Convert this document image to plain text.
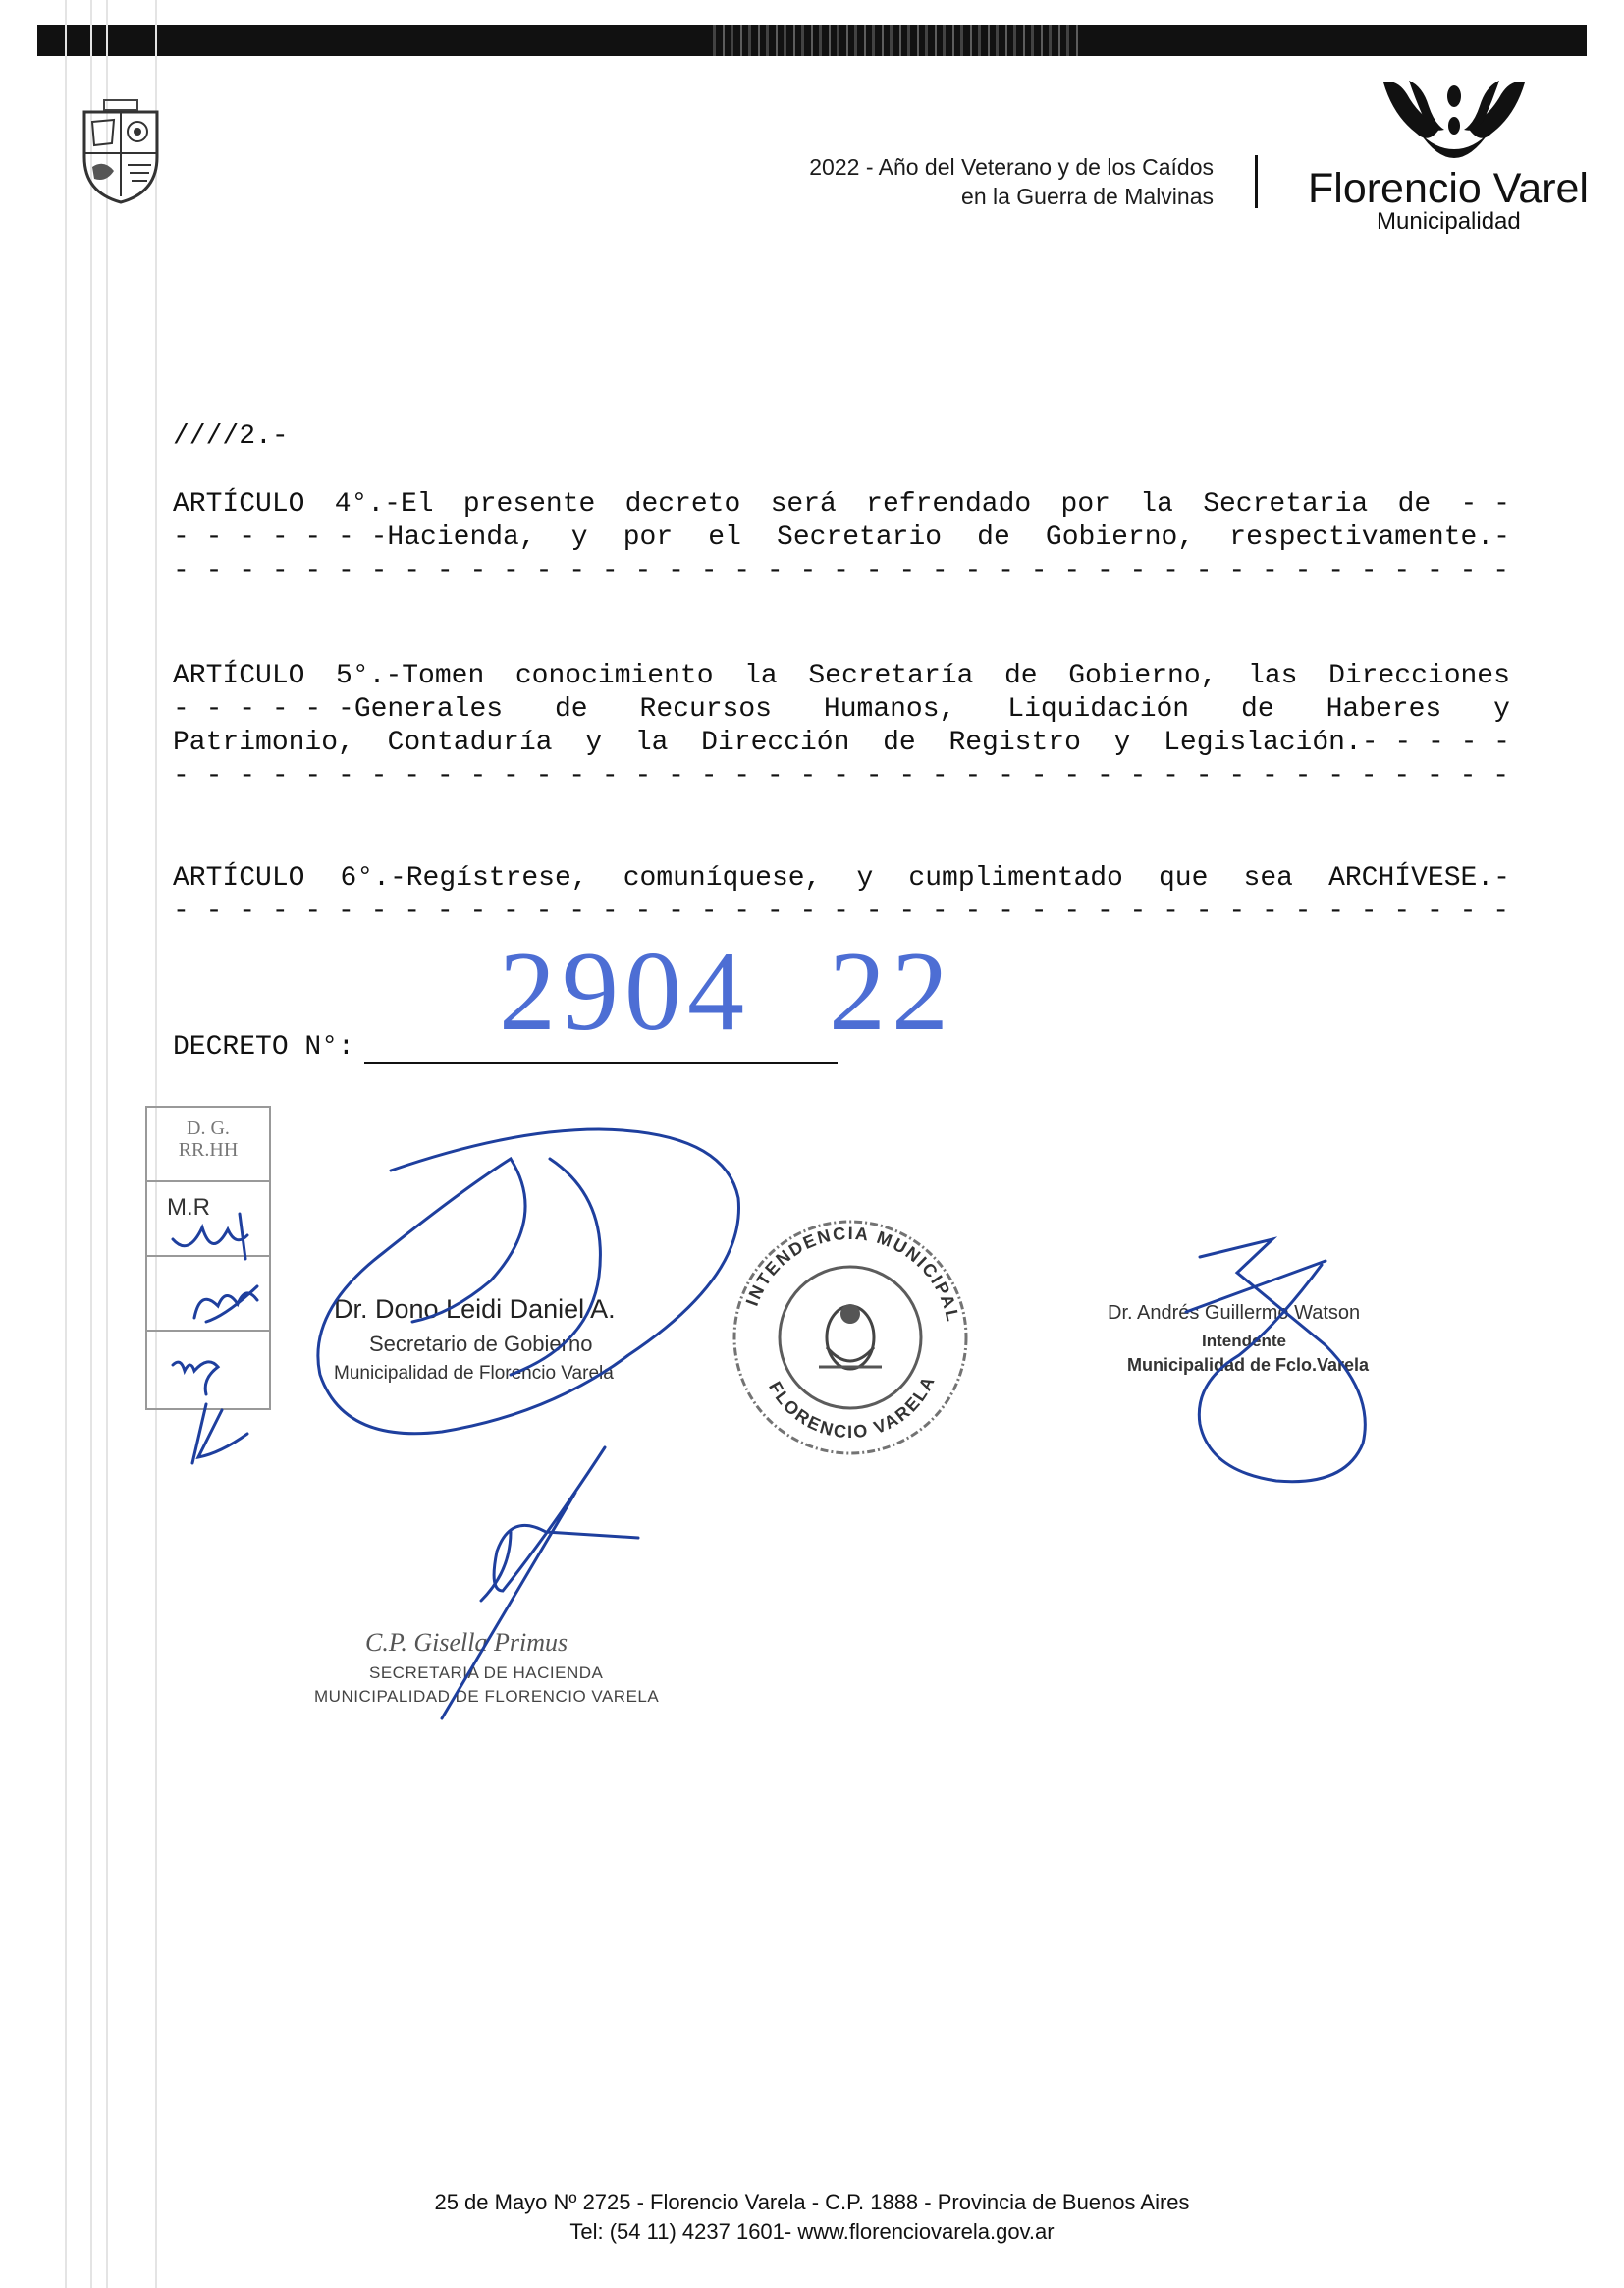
2022 - Año del Veterano y de los Caídos
en la Guerra de Malvinas Florencio Varel
Municipalidad
////2.-
ARTÍCULO 4°.-El presente decreto será refrendado por la Secretaria de - -
- - - - - - -Hacienda, y por el Secretario de Gobierno, respectivamente.-
- - - - - - - - - - - - - - - - - - - - - - - - - - - - - - - - - - - - - - - - -
ARTÍCULO 5°.-Tomen conocimiento la Secretaría de Gobierno, las Direcciones
- - - - - -Generales de Recursos Humanos, Liquidación de Haberes y
Patrimonio, Contaduría y la Dirección de Registro y Legislación.- - - - -
- - - - - - - - - - - - - - - - - - - - - - - - - - - - - - - - - - - - - - - - -
ARTÍCULO 6°.-Regístrese, comuníquese, y cumplimentado que sea ARCHÍVESE.-
- - - - - - - - - - - - - - - - - - - - - - - - - - - - - - - - - - - - - - - - -
2904 22
DECRETO N°:
D. G.
RR.HH
M.R
INTENDENCIA MUNICIPAL
FLORENCIO VARELA
Dr. Dono Leidi Daniel A.
Secretario de Gobierno
Municipalidad de Florencio Varela
Dr. Andrés Guillermo Watson
Intendente
Municipalidad de Fclo.Varela
C.P. Gisella Primus
SECRETARIA DE HACIENDA
MUNICIPALIDAD DE FLORENCIO VARELA
25 de Mayo Nº 2725 - Florencio Varela - C.P. 1888 - Provincia de Buenos Aires
Tel: (54 11) 4237 1601- www.florenciovarela.gov.ar
